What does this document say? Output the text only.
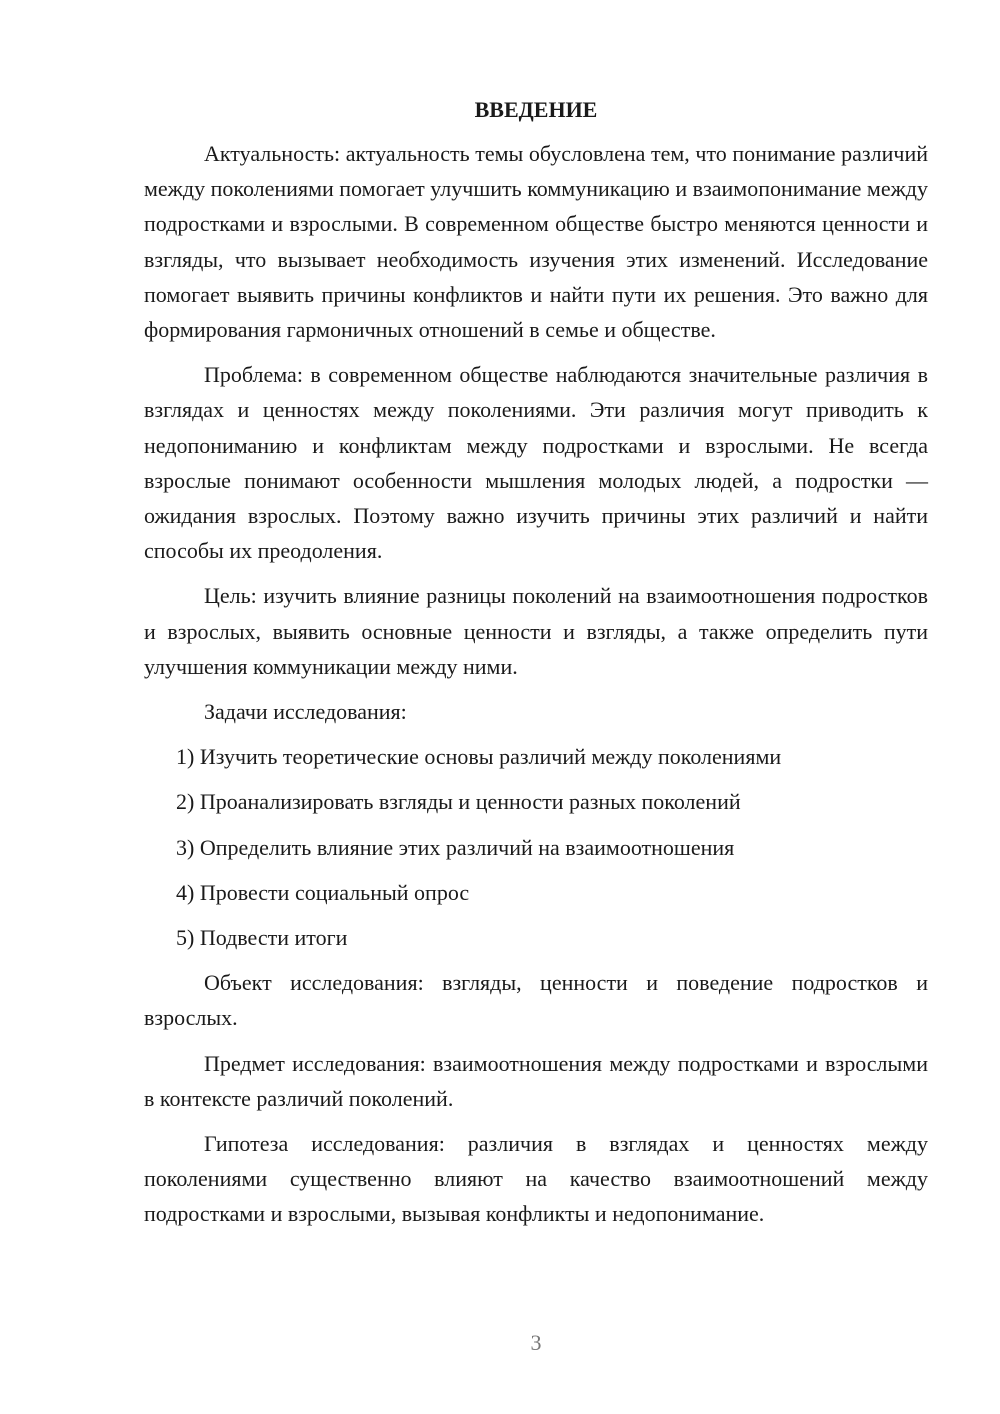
ВВЕДЕНИЕ

Актуальность: актуальность темы обусловлена тем, что понимание различий между поколениями помогает улучшить коммуникацию и взаимопонимание между подростками и взрослыми. В современном обществе быстро меняются ценности и взгляды, что вызывает необходимость изучения этих изменений. Исследование помогает выявить причины конфликтов и найти пути их решения. Это важно для формирования гармоничных отношений в семье и обществе.

Проблема: в современном обществе наблюдаются значительные различия в взглядах и ценностях между поколениями. Эти различия могут приводить к недопониманию и конфликтам между подростками и взрослыми. Не всегда взрослые понимают особенности мышления молодых людей, а подростки — ожидания взрослых. Поэтому важно изучить причины этих различий и найти способы их преодоления.

Цель: изучить влияние разницы поколений на взаимоотношения подростков и взрослых, выявить основные ценности и взгляды, а также определить пути улучшения коммуникации между ними.

Задачи исследования:

1) Изучить теоретические основы различий между поколениями
2) Проанализировать взгляды и ценности разных поколений
3) Определить влияние этих различий на взаимоотношения
4) Провести социальный опрос
5) Подвести итоги

Объект исследования: взгляды, ценности и поведение подростков и взрослых.

Предмет исследования: взаимоотношения между подростками и взрослыми в контексте различий поколений.

Гипотеза исследования: различия в взглядах и ценностях между поколениями существенно влияют на качество взаимоотношений между подростками и взрослыми, вызывая конфликты и недопонимание.

3
